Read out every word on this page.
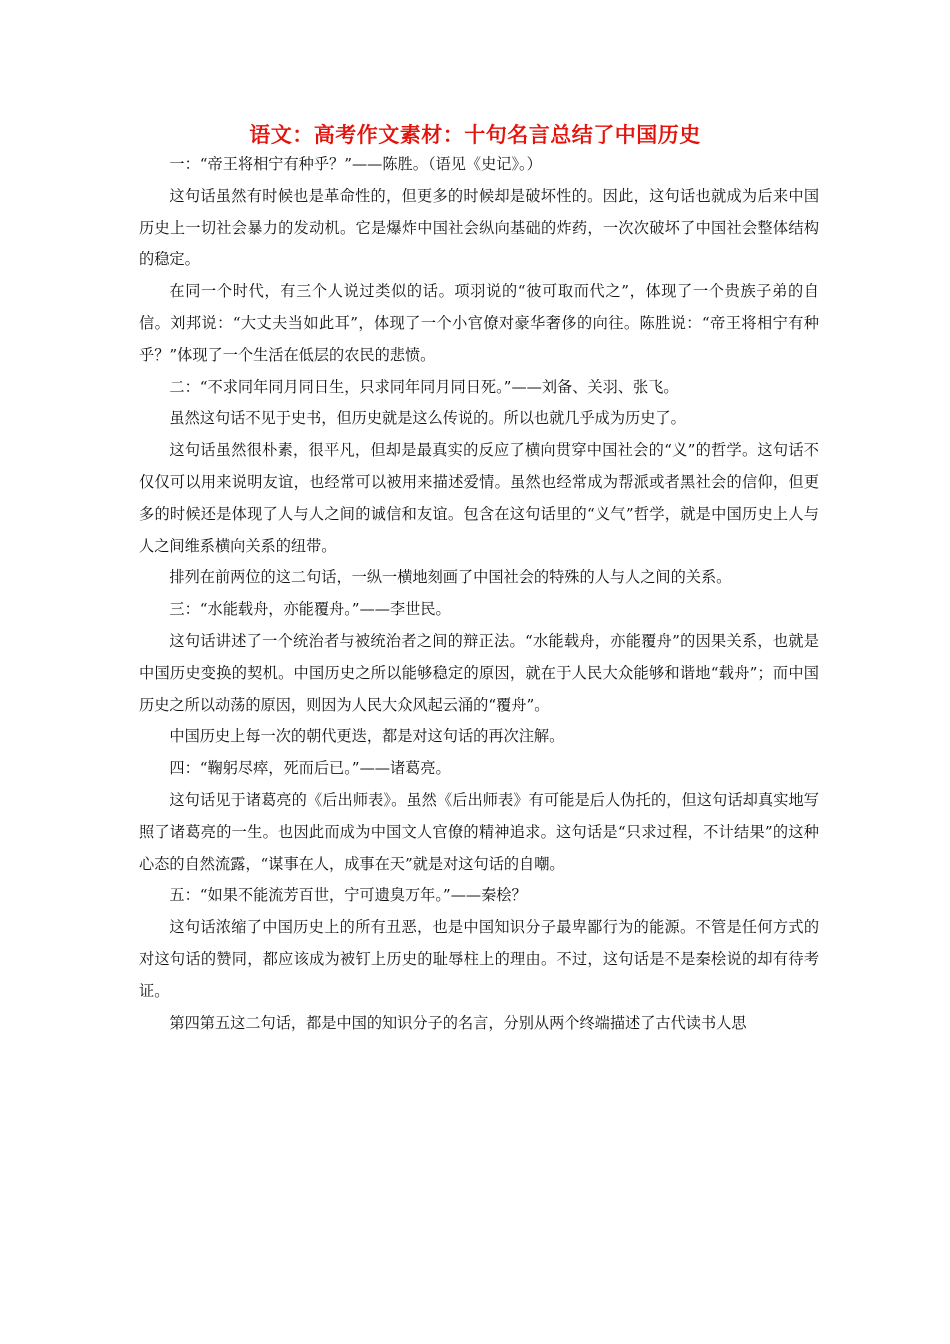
语文：高考作文素材：十句名言总结了中国历史

一：“帝王将相宁有种乎？”——陈胜。（语见《史记》。）

这句话虽然有时候也是革命性的，但更多的时候却是破坏性的。因此，这句话也就成为后来中国历史上一切社会暴力的发动机。它是爆炸中国社会纵向基础的炸药，一次次破坏了中国社会整体结构的稳定。

在同一个时代，有三个人说过类似的话。项羽说的“彼可取而代之”，体现了一个贵族子弟的自信。刘邦说：“大丈夫当如此耳”，体现了一个小官僚对豪华奢侈的向往。陈胜说：“帝王将相宁有种乎？”体现了一个生活在低层的农民的悲愤。

二：“不求同年同月同日生，只求同年同月同日死。”——刘备、关羽、张飞。

虽然这句话不见于史书，但历史就是这么传说的。所以也就几乎成为历史了。

这句话虽然很朴素，很平凡，但却是最真实的反应了横向贯穿中国社会的“义”的哲学。这句话不仅仅可以用来说明友谊，也经常可以被用来描述爱情。虽然也经常成为帮派或者黑社会的信仰，但更多的时候还是体现了人与人之间的诚信和友谊。包含在这句话里的“义气”哲学，就是中国历史上人与人之间维系横向关系的纽带。

排列在前两位的这二句话，一纵一横地刻画了中国社会的特殊的人与人之间的关系。

三：“水能载舟，亦能覆舟。”——李世民。

这句话讲述了一个统治者与被统治者之间的辩正法。“水能载舟，亦能覆舟”的因果关系，也就是中国历史变换的契机。中国历史之所以能够稳定的原因，就在于人民大众能够和谐地“载舟”；而中国历史之所以动荡的原因，则因为人民大众风起云涌的“覆舟”。

中国历史上每一次的朝代更迭，都是对这句话的再次注解。

四：“鞠躬尽瘁，死而后已。”——诸葛亮。

这句话见于诸葛亮的《后出师表》。虽然《后出师表》有可能是后人伪托的，但这句话却真实地写照了诸葛亮的一生。也因此而成为中国文人官僚的精神追求。这句话是“只求过程，不计结果”的这种心态的自然流露，“谋事在人，成事在天”就是对这句话的自嘲。

五：“如果不能流芳百世，宁可遗臭万年。”——秦桧？

这句话浓缩了中国历史上的所有丑恶，也是中国知识分子最卑鄙行为的能源。不管是任何方式的对这句话的赞同，都应该成为被钉上历史的耻辱柱上的理由。不过，这句话是不是秦桧说的却有待考证。

第四第五这二句话，都是中国的知识分子的名言，分别从两个终端描述了古代读书人思
